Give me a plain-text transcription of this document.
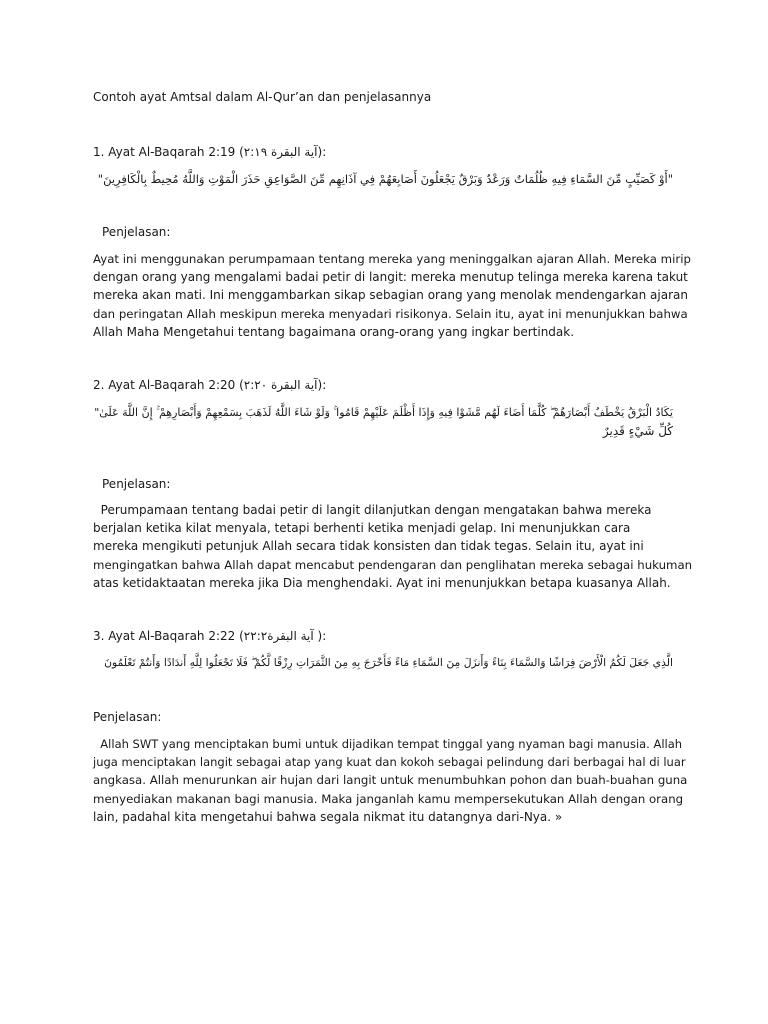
Contoh ayat Amtsal dalam Al-Qur’an dan penjelasannya
1. Ayat Al-Baqarah 2:19 (آية البقرة ٢:١٩):
"أَوْ كَصَيِّبٍ مِّنَ السَّمَاءِ فِيهِ ظُلُمَاتٌ وَرَعْدٌ وَبَرْقٌ يَجْعَلُونَ أَصَابِعَهُمْ فِي آذَانِهِم مِّنَ الصَّوَاعِقِ حَذَرَ الْمَوْتِ وَاللَّهُ مُحِيطٌ بِالْكَافِرِينَ"
Penjelasan:
Ayat ini menggunakan perumpamaan tentang mereka yang meninggalkan ajaran Allah. Mereka mirip
dengan orang yang mengalami badai petir di langit: mereka menutup telinga mereka karena takut
mereka akan mati. Ini menggambarkan sikap sebagian orang yang menolak mendengarkan ajaran
dan peringatan Allah meskipun mereka menyadari risikonya. Selain itu, ayat ini menunjukkan bahwa
Allah Maha Mengetahui tentang bagaimana orang-orang yang ingkar bertindak.
2. Ayat Al-Baqarah 2:20 (آية البقرة ٢:٢٠):
يَكَادُ الْبَرْقُ يَخْطَفُ أَبْصَارَهُمْ ۖ كُلَّمَا أَضَاءَ لَهُم مَّشَوْا فِيهِ وَإِذَا أَظْلَمَ عَلَيْهِمْ قَامُوا ۚ وَلَوْ شَاءَ اللَّهُ لَذَهَبَ بِسَمْعِهِمْ وَأَبْصَارِهِمْ ۚ إِنَّ اللَّهَ عَلَىٰ"
كُلِّ شَيْءٍ قَدِيرٌ
Penjelasan:
Perumpamaan tentang badai petir di langit dilanjutkan dengan mengatakan bahwa mereka
berjalan ketika kilat menyala, tetapi berhenti ketika menjadi gelap. Ini menunjukkan cara
mereka mengikuti petunjuk Allah secara tidak konsisten dan tidak tegas. Selain itu, ayat ini
mengingatkan bahwa Allah dapat mencabut pendengaran dan penglihatan mereka sebagai hukuman
atas ketidaktaatan mereka jika Dia menghendaki. Ayat ini menunjukkan betapa kuasanya Allah.
3. Ayat Al-Baqarah 2:22 (آية البقرة٢٢:٢ ):
الَّذِي جَعَلَ لَكُمُ الْأَرْضَ فِرَاشًا وَالسَّمَاءَ بِنَاءً وَأَنزَلَ مِنَ السَّمَاءِ مَاءً فَأَخْرَجَ بِهِ مِنَ الثَّمَرَاتِ رِزْقًا لَّكُمْ ۖ فَلَا تَجْعَلُوا لِلَّهِ أَندَادًا وَأَنتُمْ تَعْلَمُونَ
Penjelasan:
Allah SWT yang menciptakan bumi untuk dijadikan tempat tinggal yang nyaman bagi manusia. Allah
juga menciptakan langit sebagai atap yang kuat dan kokoh sebagai pelindung dari berbagai hal di luar
angkasa. Allah menurunkan air hujan dari langit untuk menumbuhkan pohon dan buah-buahan guna
menyediakan makanan bagi manusia. Maka janganlah kamu mempersekutukan Allah dengan orang
lain, padahal kita mengetahui bahwa segala nikmat itu datangnya dari-Nya. »
